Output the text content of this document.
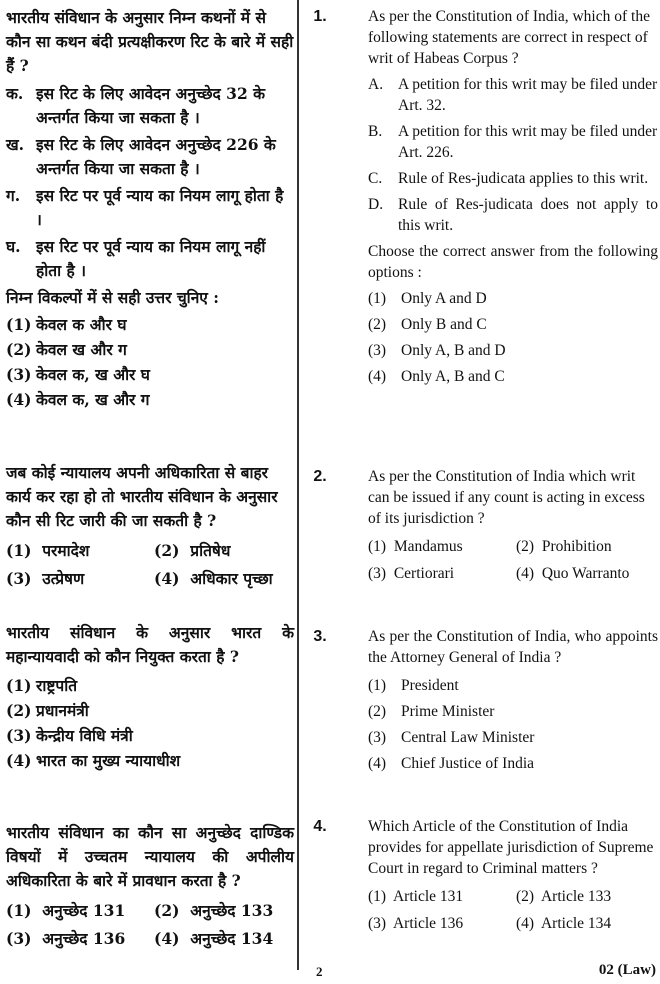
भारतीय संविधान के अनुसार निम्न कथनों में से कौन सा कथन बंदी प्रत्यक्षीकरण रिट के बारे में सही हैं ?
क. इस रिट के लिए आवेदन अनुच्छेद 32 के अन्तर्गत किया जा सकता है ।
ख. इस रिट के लिए आवेदन अनुच्छेद 226 के अन्तर्गत किया जा सकता है ।
ग.	इस रिट पर पूर्व न्याय का नियम लागू होता है ।
घ. इस रिट पर पूर्व न्याय का नियम लागू नहीं होता है ।
निम्न विकल्पों में से सही उत्तर चुनिए :
(1) केवल क और घ
(2) केवल ख और ग
(3) केवल क, ख और घ
(4) केवल क, ख और ग
जब कोई न्यायालय अपनी अधिकारिता से बाहर कार्य कर रहा हो तो भारतीय संविधान के अनुसार कौन सी रिट जारी की जा सकती है ?
(1) परमादेश	(2) प्रतिषेध
(3) उत्प्रेषण	(4) अधिकार पृच्छा
भारतीय संविधान के अनुसार भारत के महान्यायवादी को कौन नियुक्त करता है ?
(1) राष्ट्रपति
(2) प्रधानमंत्री
(3) केन्द्रीय विधि मंत्री
(4) भारत का मुख्य न्यायाधीश
भारतीय संविधान का कौन सा अनुच्छेद दाण्डिक विषयों में उच्चतम न्यायालय की अपीलीय अधिकारिता के बारे में प्रावधान करता है ?
(1) अनुच्छेद 131	(2) अनुच्छेद 133
(3) अनुच्छेद 136	(4) अनुच्छेद 134
1.	As per the Constitution of India, which of the following statements are correct in respect of writ of Habeas Corpus ?
A. A petition for this writ may be filed under Art. 32.
B.	A petition for this writ may be filed under Art. 226.
C.	Rule of Res-judicata applies to this writ.
D. Rule of Res-judicata does not apply to this writ.
Choose the correct answer from the following options :
(1) Only A and D
(2) Only B and C
(3) Only A, B and D
(4) Only A, B and C
2.	As per the Constitution of India which writ can be issued if any count is acting in excess of its jurisdiction ?
(1) Mandamus	(2) Prohibition
(3) Certiorari	(4) Quo Warranto
3.	As per the Constitution of India, who appoints the Attorney General of India ?
(1) President
(2) Prime Minister
(3) Central Law Minister
(4) Chief Justice of India
4.	Which Article of the Constitution of India provides for appellate jurisdiction of Supreme Court in regard to Criminal matters ?
(1) Article 131	(2) Article 133
(3) Article 136	(4) Article 134
2	02 (Law)
